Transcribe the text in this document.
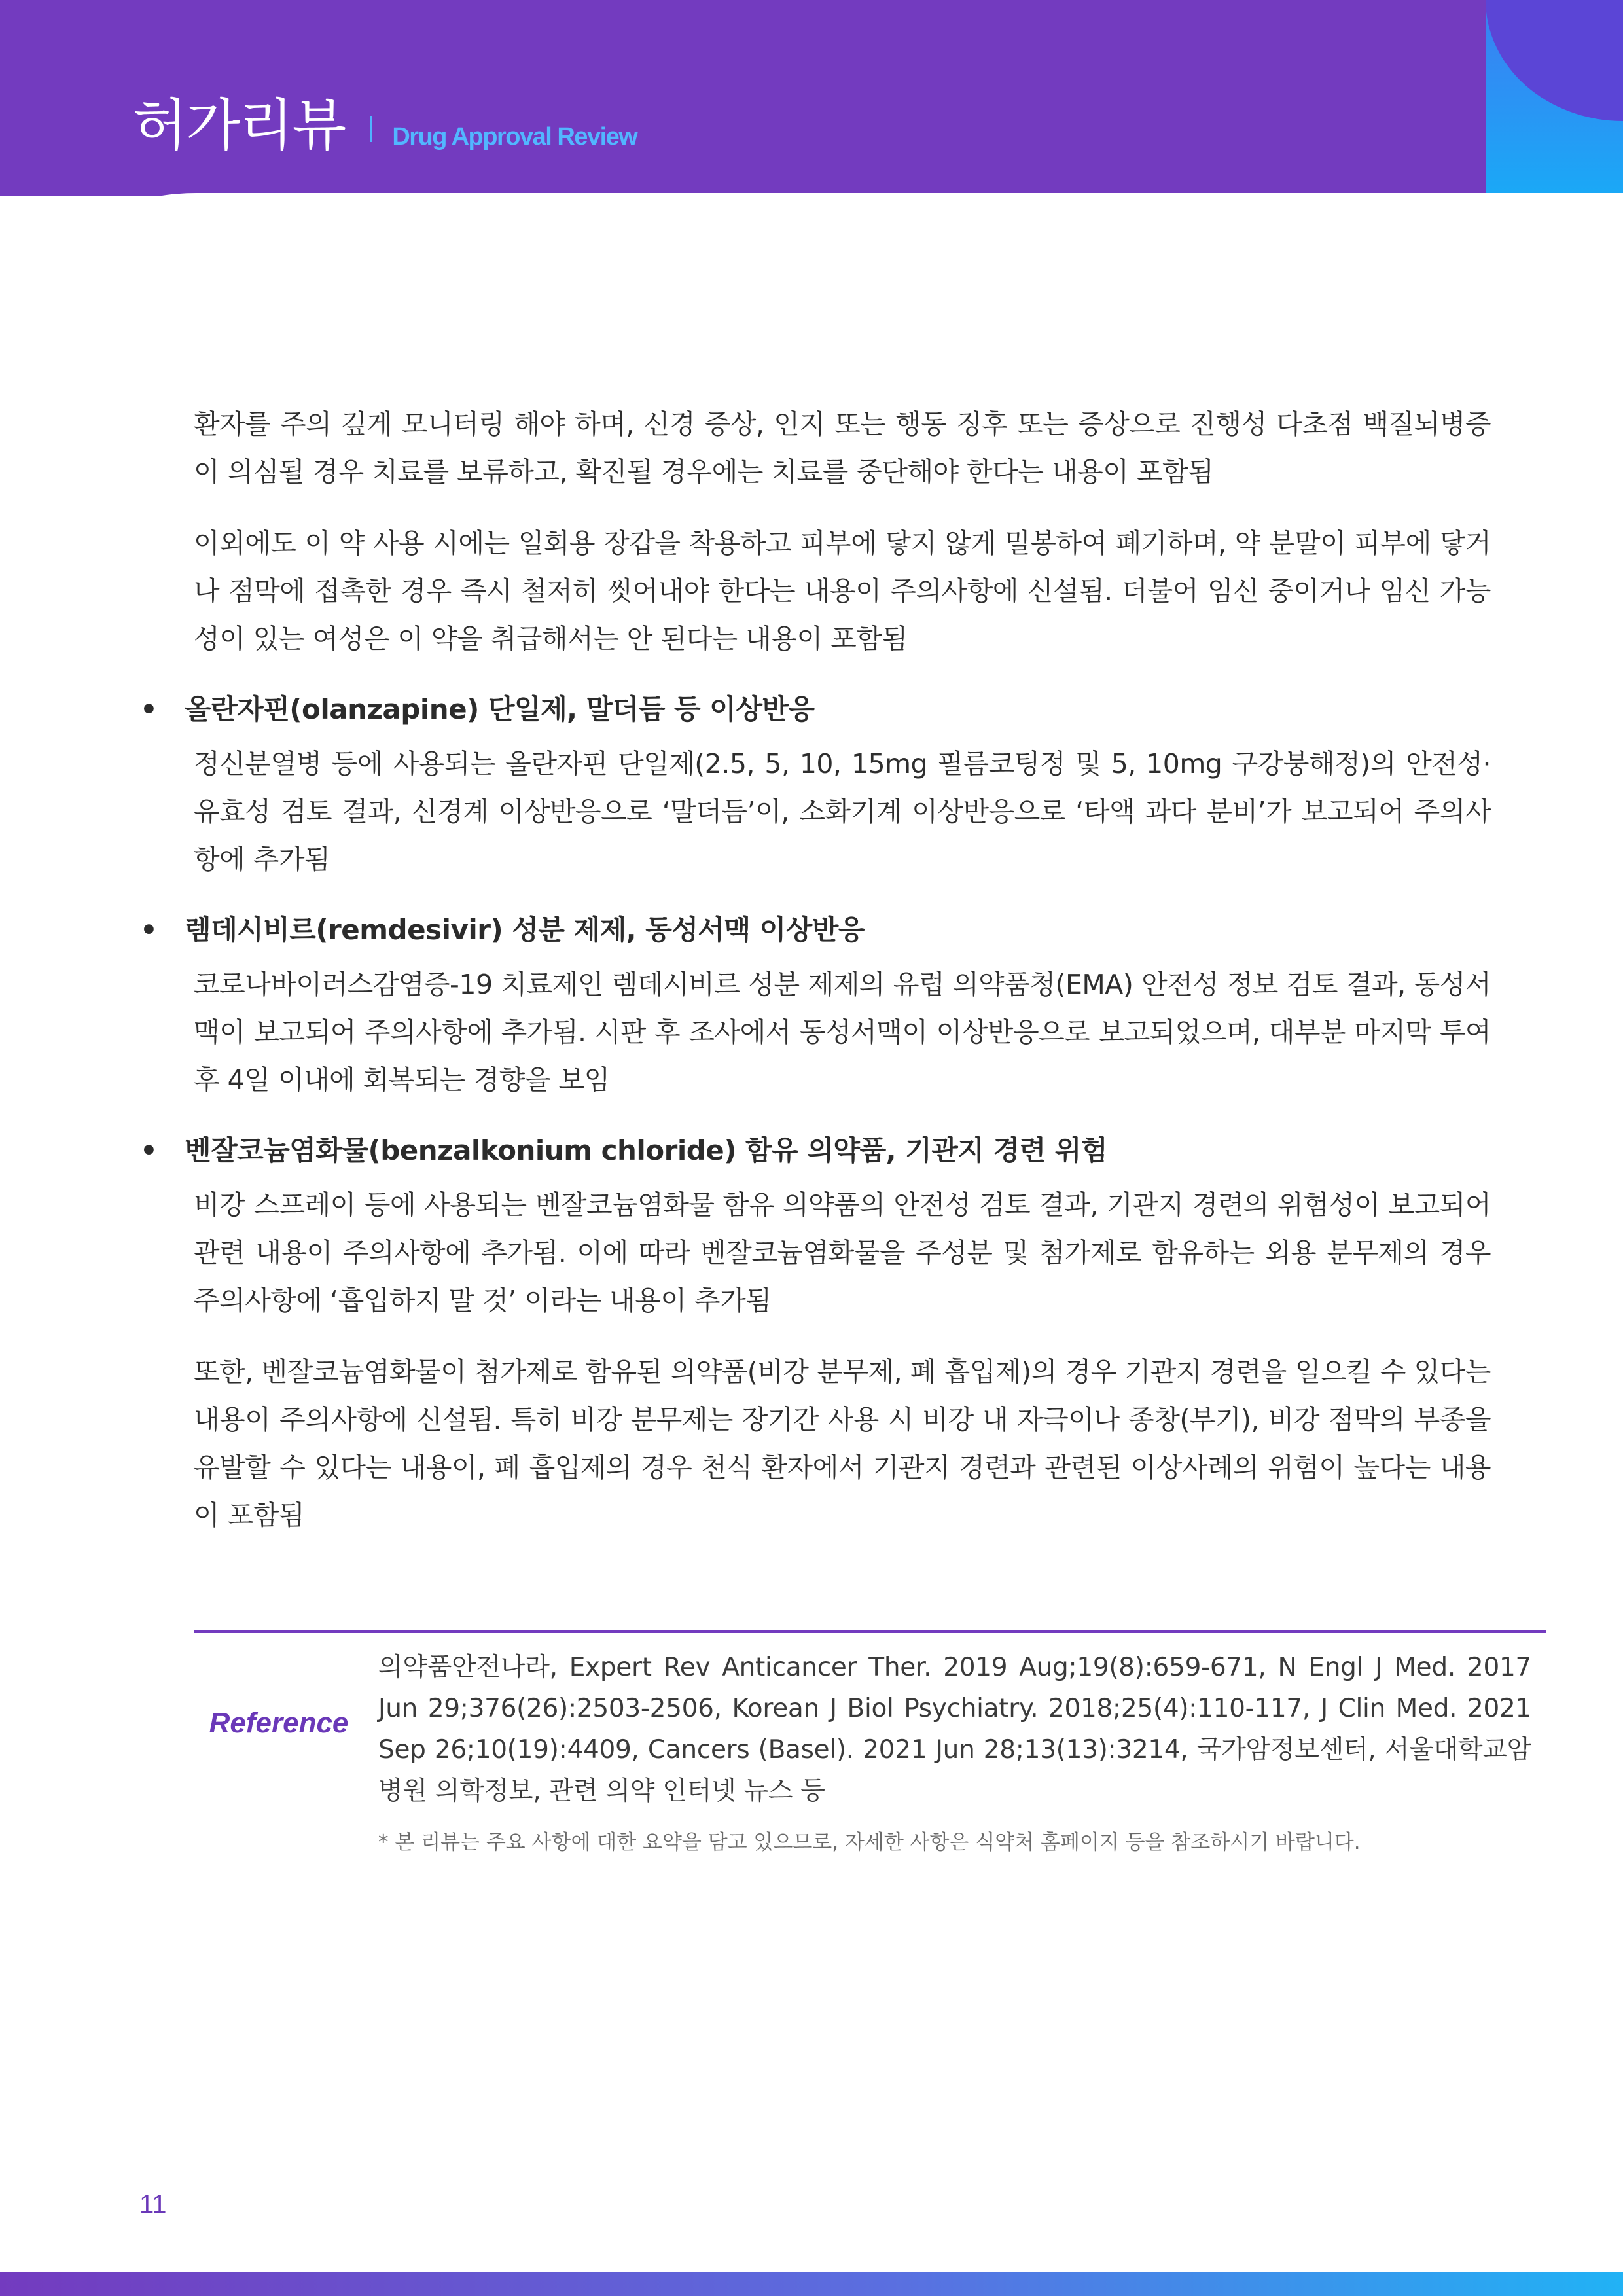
허가리뷰 Drug Approval Review

환자를 주의 깊게 모니터링 해야 하며, 신경 증상, 인지 또는 행동 징후 또는 증상으로 진행성 다초점 백질뇌병증이 의심될 경우 치료를 보류하고, 확진될 경우에는 치료를 중단해야 한다는 내용이 포함됨

이외에도 이 약 사용 시에는 일회용 장갑을 착용하고 피부에 닿지 않게 밀봉하여 폐기하며, 약 분말이 피부에 닿거나 점막에 접촉한 경우 즉시 철저히 씻어내야 한다는 내용이 주의사항에 신설됨. 더불어 임신 중이거나 임신 가능성이 있는 여성은 이 약을 취급해서는 안 된다는 내용이 포함됨

• 올란자핀(olanzapine) 단일제, 말더듬 등 이상반응

정신분열병 등에 사용되는 올란자핀 단일제(2.5, 5, 10, 15mg 필름코팅정 및 5, 10mg 구강붕해정)의 안전성·유효성 검토 결과, 신경계 이상반응으로 ‘말더듬’이, 소화기계 이상반응으로 ‘타액 과다 분비’가 보고되어 주의사항에 추가됨

• 렘데시비르(remdesivir) 성분 제제, 동성서맥 이상반응

코로나바이러스감염증-19 치료제인 렘데시비르 성분 제제의 유럽 의약품청(EMA) 안전성 정보 검토 결과, 동성서맥이 보고되어 주의사항에 추가됨. 시판 후 조사에서 동성서맥이 이상반응으로 보고되었으며, 대부분 마지막 투여 후 4일 이내에 회복되는 경향을 보임

• 벤잘코늄염화물(benzalkonium chloride) 함유 의약품, 기관지 경련 위험

비강 스프레이 등에 사용되는 벤잘코늄염화물 함유 의약품의 안전성 검토 결과, 기관지 경련의 위험성이 보고되어 관련 내용이 주의사항에 추가됨. 이에 따라 벤잘코늄염화물을 주성분 및 첨가제로 함유하는 외용 분무제의 경우 주의사항에 ‘흡입하지 말 것’ 이라는 내용이 추가됨

또한, 벤잘코늄염화물이 첨가제로 함유된 의약품(비강 분무제, 폐 흡입제)의 경우 기관지 경련을 일으킬 수 있다는 내용이 주의사항에 신설됨. 특히 비강 분무제는 장기간 사용 시 비강 내 자극이나 종창(부기), 비강 점막의 부종을 유발할 수 있다는 내용이, 폐 흡입제의 경우 천식 환자에서 기관지 경련과 관련된 이상사례의 위험이 높다는 내용이 포함됨

Reference
의약품안전나라, Expert Rev Anticancer Ther. 2019 Aug;19(8):659-671, N Engl J Med. 2017 Jun 29;376(26):2503-2506, Korean J Biol Psychiatry. 2018;25(4):110-117, J Clin Med. 2021 Sep 26;10(19):4409, Cancers (Basel). 2021 Jun 28;13(13):3214, 국가암정보센터, 서울대학교암병원 의학정보, 관련 의약 인터넷 뉴스 등
* 본 리뷰는 주요 사항에 대한 요약을 담고 있으므로, 자세한 사항은 식약처 홈페이지 등을 참조하시기 바랍니다.
11
